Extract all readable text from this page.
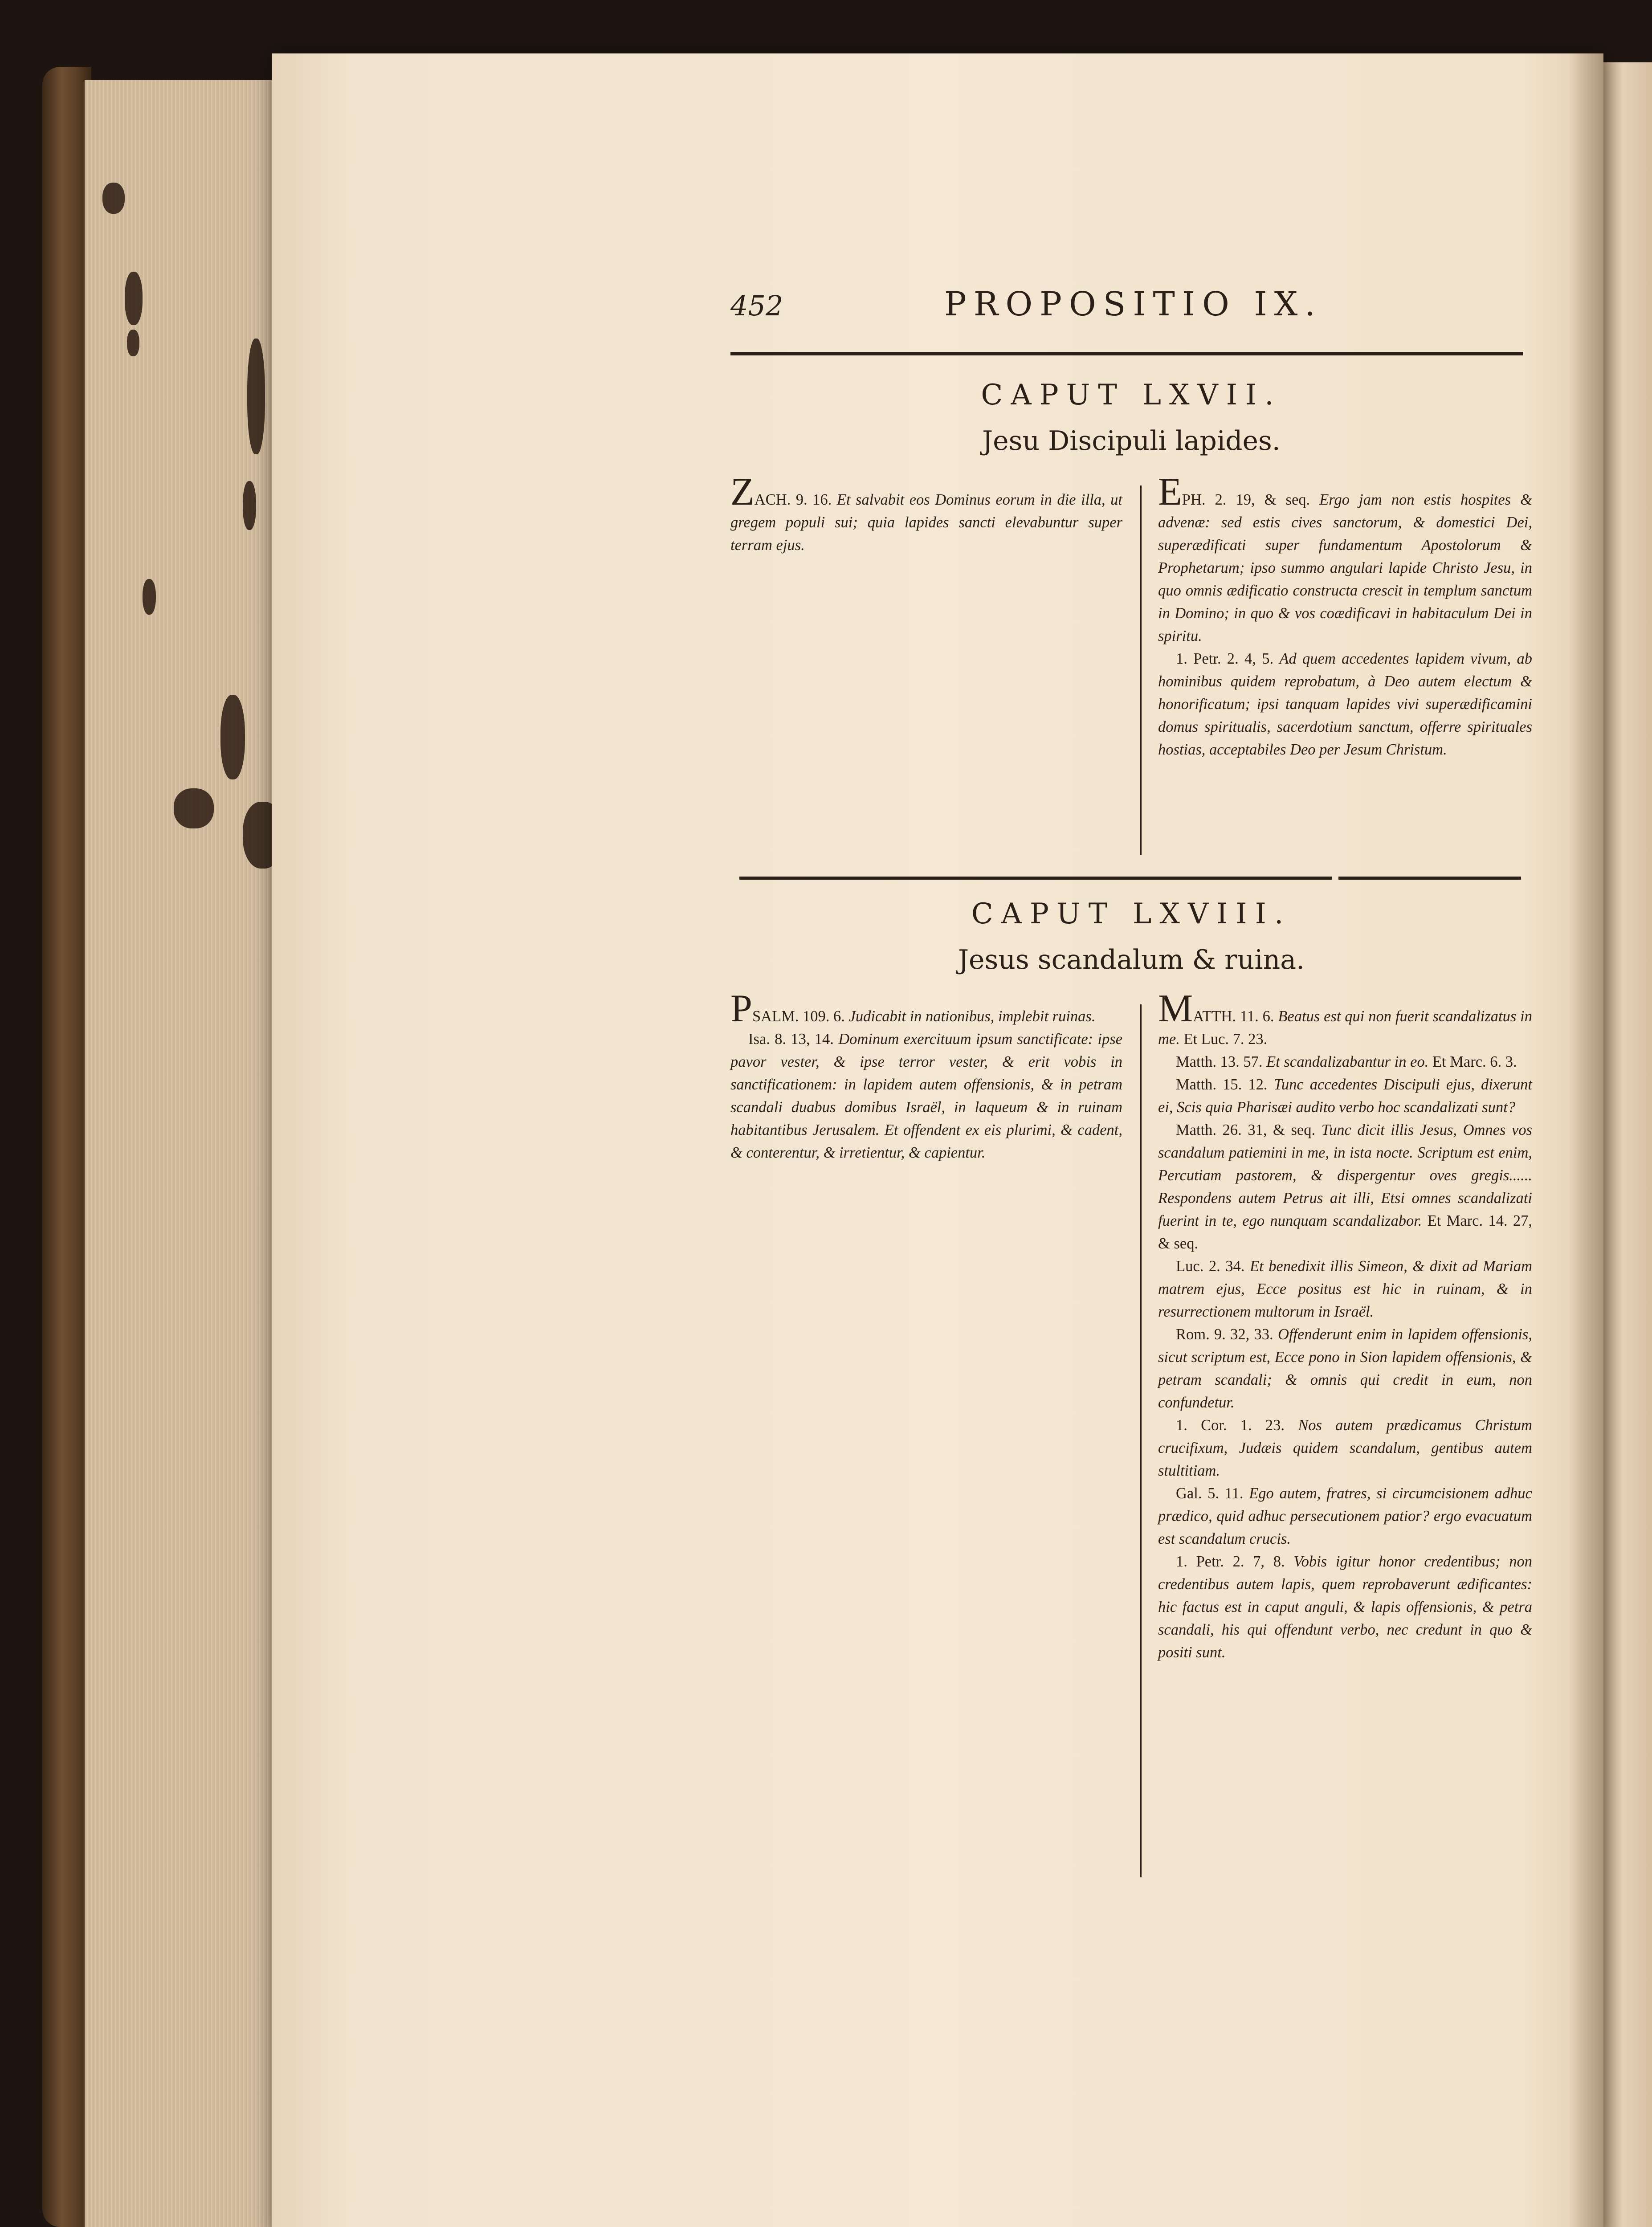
452	PROPOSITIO IX.
CAPUT LXVII.
Jesu Discipuli lapides.

ZACH. 9. 16. Et salvabit eos Dominus eorum in die illa, ut gregem populi sui; quia lapides sancti elevabuntur super terram ejus.

EPH. 2. 19, & seq. Ergo jam non estis hospites & advenæ: sed estis cives sanctorum, & domestici Dei, superædificati super fundamentum Apostolorum & Prophetarum; ipso summo angulari lapide Christo Jesu, in quo omnis ædificatio constructa crescit in templum sanctum in Domino; in quo & vos coædificavi in habitaculum Dei in spiritu.

1. Petr. 2. 4, 5. Ad quem accedentes lapidem vivum, ab hominibus quidem reprobatum, à Deo autem electum & honorificatum; ipsi tanquam lapides vivi superædificamini domus spiritualis, sacerdotium sanctum, offerre spirituales hostias, acceptabiles Deo per Jesum Christum.

CAPUT LXVIII.
Jesus scandalum & ruina.

PSALM. 109. 6. Judicabit in nationibus, implebit ruinas.

Isa. 8. 13, 14. Dominum exercituum ipsum sanctificate: ipse pavor vester, & ipse terror vester, & erit vobis in sanctificationem: in lapidem autem offensionis, & in petram scandali duabus domibus Israël, in laqueum & in ruinam habitantibus Jerusalem. Et offendent ex eis plurimi, & cadent, & conterentur, & irretientur, & capientur.

MATTH. 11. 6. Beatus est qui non fuerit scandalizatus in me. Et Luc. 7. 23.

Matth. 13. 57. Et scandalizabantur in eo. Et Marc. 6. 3.

Matth. 15. 12. Tunc accedentes Discipuli ejus, dixerunt ei, Scis quia Pharisæi audito verbo hoc scandalizati sunt?

Matth. 26. 31, & seq. Tunc dicit illis Jesus, Omnes vos scandalum patiemini in me, in ista nocte. Scriptum est enim, Percutiam pastorem, & dispergentur oves gregis...... Respondens autem Petrus ait illi, Etsi omnes scandalizati fuerint in te, ego nunquam scandalizabor. Et Marc. 14. 27, & seq.

Luc. 2. 34. Et benedixit illis Simeon, & dixit ad Mariam matrem ejus, Ecce positus est hic in ruinam, & in resurrectionem multorum in Israël.

Rom. 9. 32, 33. Offenderunt enim in lapidem offensionis, sicut scriptum est, Ecce pono in Sion lapidem offensionis, & petram scandali; & omnis qui credit in eum, non confundetur.

1. Cor. 1. 23. Nos autem prædicamus Christum crucifixum, Judæis quidem scandalum, gentibus autem stultitiam.

Gal. 5. 11. Ego autem, fratres, si circumcisionem adhuc prædico, quid adhuc persecutionem patior? ergo evacuatum est scandalum crucis.

1. Petr. 2. 7, 8. Vobis igitur honor credentibus; non credentibus autem lapis, quem reprobaverunt ædificantes: hic factus est in caput anguli, & lapis offensionis, & petra scandali, his qui offendunt verbo, nec credunt in quo & positi sunt.
